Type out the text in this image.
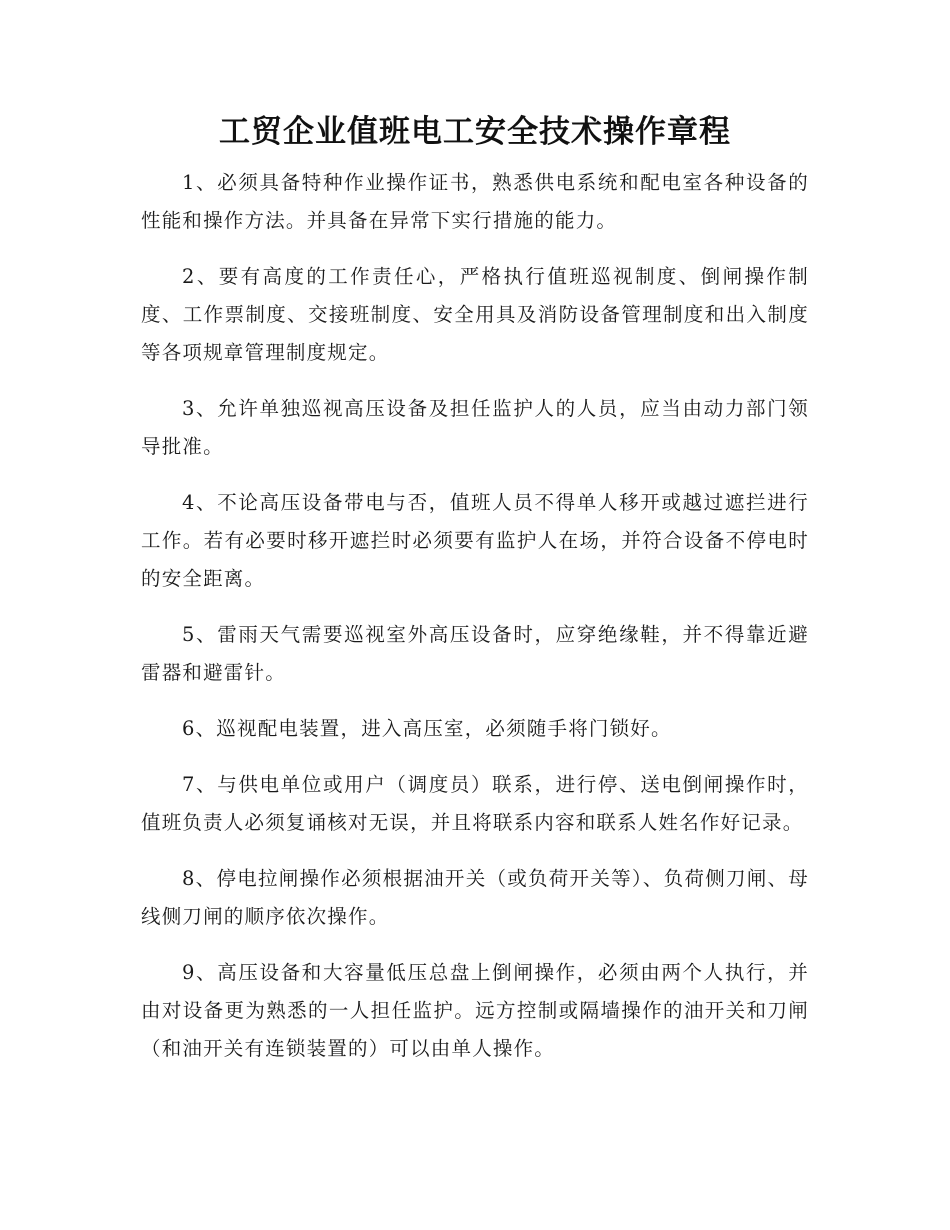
工贸企业值班电工安全技术操作章程

1、必须具备特种作业操作证书，熟悉供电系统和配电室各种设备的性能和操作方法。并具备在异常下实行措施的能力。

2、要有高度的工作责任心，严格执行值班巡视制度、倒闸操作制度、工作票制度、交接班制度、安全用具及消防设备管理制度和出入制度等各项规章管理制度规定。

3、允许单独巡视高压设备及担任监护人的人员，应当由动力部门领导批准。

4、不论高压设备带电与否，值班人员不得单人移开或越过遮拦进行工作。若有必要时移开遮拦时必须要有监护人在场，并符合设备不停电时的安全距离。

5、雷雨天气需要巡视室外高压设备时，应穿绝缘鞋，并不得靠近避雷器和避雷针。

6、巡视配电装置，进入高压室，必须随手将门锁好。

7、与供电单位或用户（调度员）联系，进行停、送电倒闸操作时，值班负责人必须复诵核对无误，并且将联系内容和联系人姓名作好记录。

8、停电拉闸操作必须根据油开关（或负荷开关等）、负荷侧刀闸、母线侧刀闸的顺序依次操作。

9、高压设备和大容量低压总盘上倒闸操作，必须由两个人执行，并由对设备更为熟悉的一人担任监护。远方控制或隔墙操作的油开关和刀闸（和油开关有连锁装置的）可以由单人操作。
